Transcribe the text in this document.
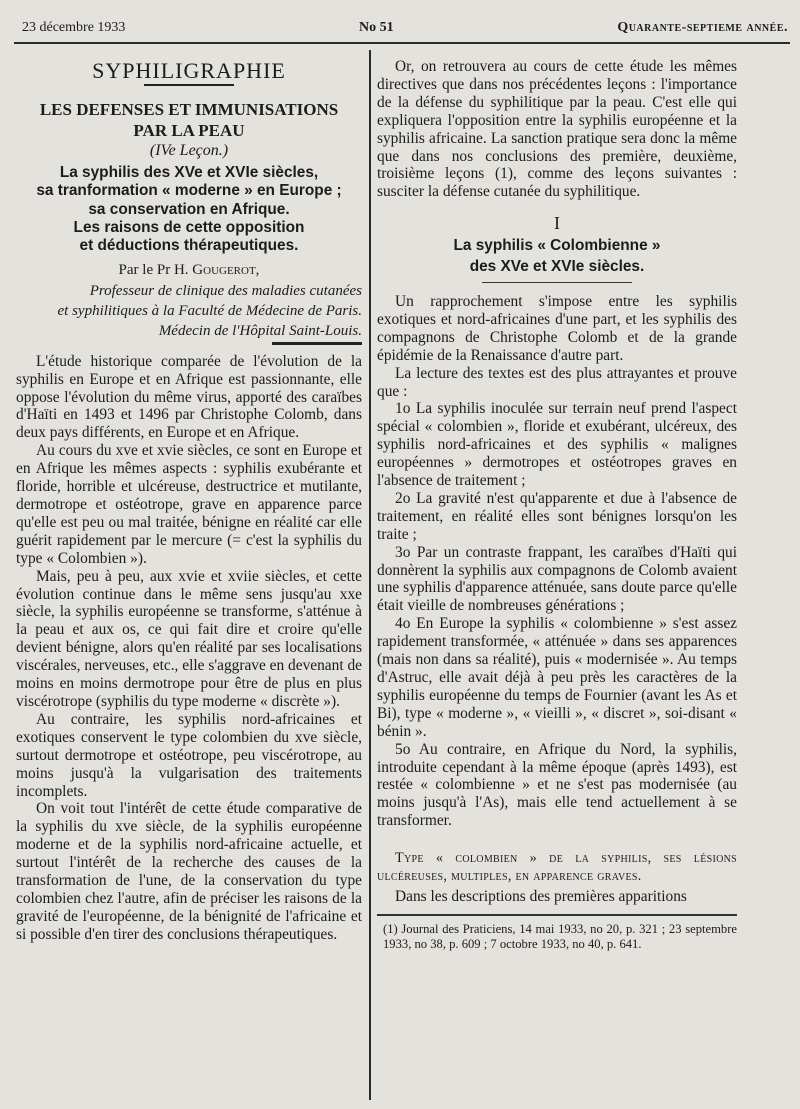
23 décembre 1933	No 51	Quarante-septieme année.
SYPHILIGRAPHIE
LES DEFENSES ET IMMUNISATIONS
PAR LA PEAU
(IVe Leçon.)
La syphilis des XVe et XVIe siècles,
sa tranformation « moderne » en Europe ;
sa conservation en Afrique.
Les raisons de cette opposition
et déductions thérapeutiques.
Par le Pr H. Gougerot,
Professeur de clinique des maladies cutanées
et syphilitiques à la Faculté de Médecine de Paris.
Médecin de l'Hôpital Saint-Louis.

L'étude historique comparée de l'évolution de la syphilis en Europe et en Afrique est passionnante, elle oppose l'évolution du même virus, apporté des caraïbes d'Haïti en 1493 et 1496 par Christophe Colomb, dans deux pays différents, en Europe et en Afrique.

Au cours du xve et xvie siècles, ce sont en Europe et en Afrique les mêmes aspects : syphilis exubérante et floride, horrible et ulcéreuse, destructrice et mutilante, dermotrope et ostéotrope, grave en apparence parce qu'elle est peu ou mal traitée, bénigne en réalité car elle guérit rapidement par le mercure (= c'est la syphilis du type « Colombien »).

Mais, peu à peu, aux xvie et xviie siècles, et cette évolution continue dans le même sens jusqu'au xxe siècle, la syphilis européenne se transforme, s'atténue à la peau et aux os, ce qui fait dire et croire qu'elle devient bénigne, alors qu'en réalité par ses localisations viscérales, nerveuses, etc., elle s'aggrave en devenant de moins en moins dermotrope pour être de plus en plus viscérotrope (syphilis du type moderne « discrète »).

Au contraire, les syphilis nord-africaines et exotiques conservent le type colombien du xve siècle, surtout dermotrope et ostéotrope, peu viscérotrope, au moins jusqu'à la vulgarisation des traitements incomplets.

On voit tout l'intérêt de cette étude comparative de la syphilis du xve siècle, de la syphilis européenne moderne et de la syphilis nord-africaine actuelle, et surtout l'intérêt de la recherche des causes de la transformation de l'une, de la conservation du type colombien chez l'autre, afin de préciser les raisons de la gravité de l'européenne, de la bénignité de l'africaine et si possible d'en tirer des conclusions thérapeutiques.

Or, on retrouvera au cours de cette étude les mêmes directives que dans nos précédentes leçons : l'importance de la défense du syphilitique par la peau. C'est elle qui expliquera l'opposition entre la syphilis européenne et la syphilis africaine. La sanction pratique sera donc la même que dans nos conclusions des première, deuxième, troisième leçons (1), comme des leçons suivantes : susciter la défense cutanée du syphilitique.

I
La syphilis « Colombienne »
des XVe et XVIe siècles.

Un rapprochement s'impose entre les syphilis exotiques et nord-africaines d'une part, et les syphilis des compagnons de Christophe Colomb et de la grande épidémie de la Renaissance d'autre part.

La lecture des textes est des plus attrayantes et prouve que :

1o La syphilis inoculée sur terrain neuf prend l'aspect spécial « colombien », floride et exubérant, ulcéreux, des syphilis nord-africaines et des syphilis « malignes européennes » dermotropes et ostéotropes graves en l'absence de traitement ;

2o La gravité n'est qu'apparente et due à l'absence de traitement, en réalité elles sont bénignes lorsqu'on les traite ;

3o Par un contraste frappant, les caraïbes d'Haïti qui donnèrent la syphilis aux compagnons de Colomb avaient une syphilis d'apparence atténuée, sans doute parce qu'elle était vieille de nombreuses générations ;

4o En Europe la syphilis « colombienne » s'est assez rapidement transformée, « atténuée » dans ses apparences (mais non dans sa réalité), puis « modernisée ». Au temps d'Astruc, elle avait déjà à peu près les caractères de la syphilis européenne du temps de Fournier (avant les As et Bi), type « moderne », « vieilli », « discret », soi-disant « bénin ».

5o Au contraire, en Afrique du Nord, la syphilis, introduite cependant à la même époque (après 1493), est restée « colombienne » et ne s'est pas modernisée (au moins jusqu'à l'As), mais elle tend actuellement à se transformer.

Type « colombien » de la syphilis, ses lésions ulcéreuses, multiples, en apparence graves.

Dans les descriptions des premières apparitions

(1) Journal des Praticiens, 14 mai 1933, no 20, p. 321 ; 23 septembre 1933, no 38, p. 609 ; 7 octobre 1933, no 40, p. 641.
